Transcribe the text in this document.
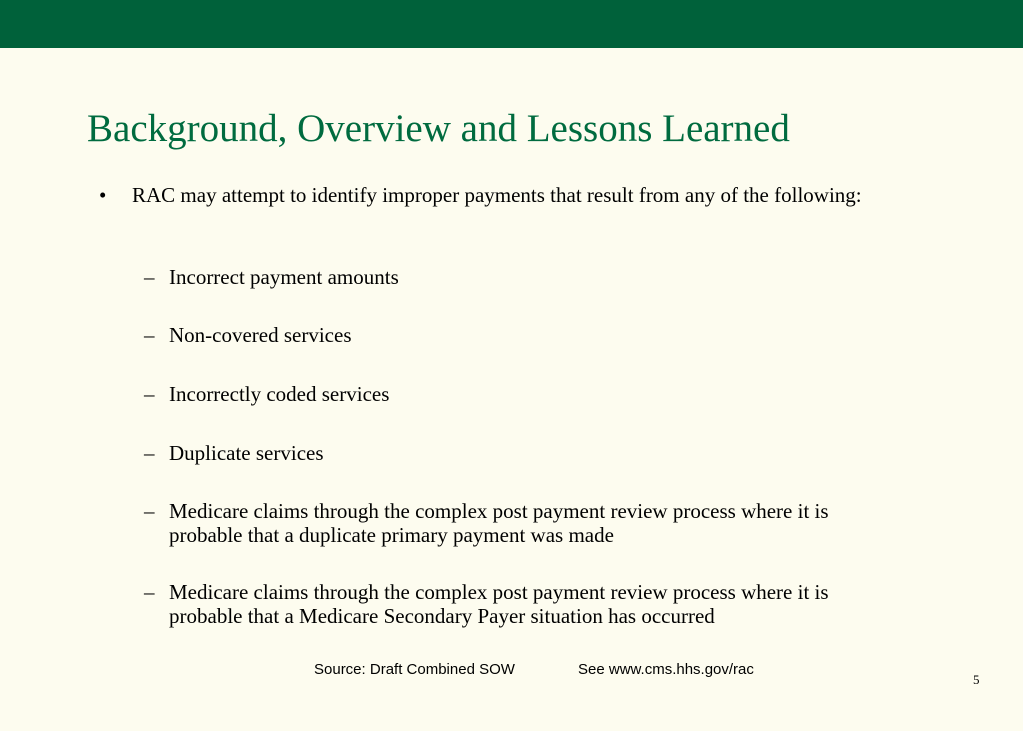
Background, Overview and Lessons Learned
• RAC may attempt to identify improper payments that result from any of the following:
– Incorrect payment amounts
– Non-covered services
– Incorrectly coded services
– Duplicate services
– Medicare claims through the complex post payment review process where it is probable that a duplicate primary payment was made
– Medicare claims through the complex post payment review process where it is probable that a Medicare Secondary Payer situation has occurred
Source: Draft Combined SOW	See www.cms.hhs.gov/rac
5
